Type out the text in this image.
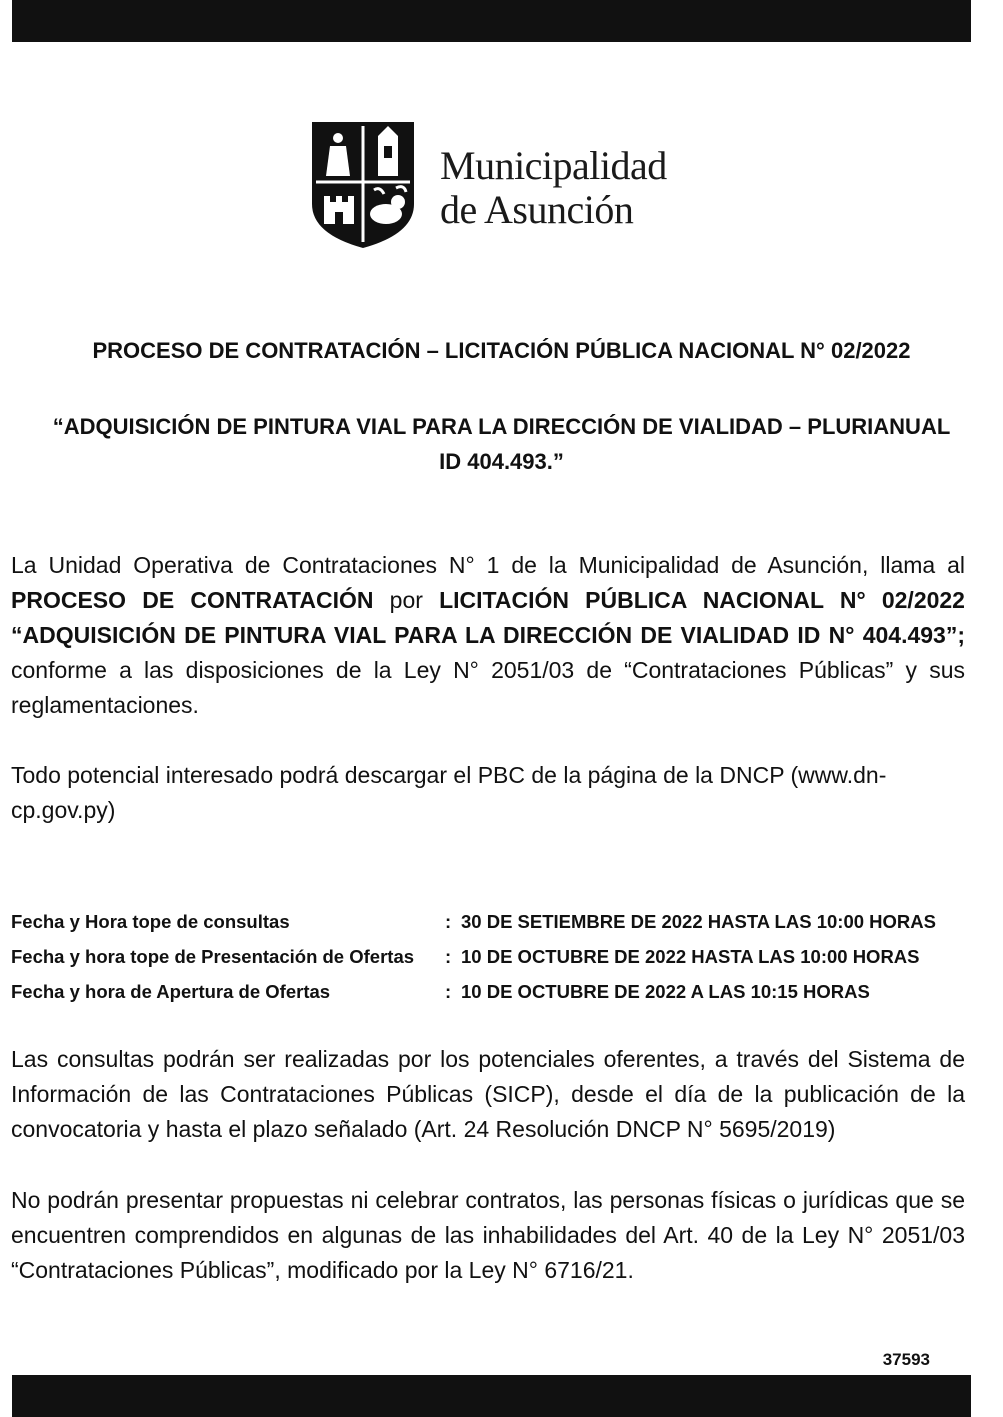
Municipalidad
de Asunción
PROCESO DE CONTRATACIÓN – LICITACIÓN PÚBLICA NACIONAL N° 02/2022
“ADQUISICIÓN DE PINTURA VIAL PARA LA DIRECCIÓN DE VIALIDAD – PLURIANUAL
ID 404.493.”
La Unidad Operativa de Contrataciones N° 1 de la Municipalidad de Asunción, llama al PROCESO DE CONTRATACIÓN por LICITACIÓN PÚBLICA NACIONAL N° 02/2022 “ADQUISICIÓN DE PINTURA VIAL PARA LA DIRECCIÓN DE VIALIDAD ID N° 404.493”; conforme a las disposiciones de la Ley N° 2051/03 de “Contrataciones Públicas” y sus reglamentaciones.
Todo potencial interesado podrá descargar el PBC de la página de la DNCP (www.dn-cp.gov.py)
Fecha y Hora tope de consultas	: 30 DE SETIEMBRE DE 2022 HASTA LAS 10:00 HORAS
Fecha y hora tope de Presentación de Ofertas	: 10 DE OCTUBRE DE 2022 HASTA LAS 10:00 HORAS
Fecha y hora de Apertura de Ofertas	: 10 DE OCTUBRE DE 2022 A LAS 10:15 HORAS
Las consultas podrán ser realizadas por los potenciales oferentes, a través del Sistema de Información de las Contrataciones Públicas (SICP), desde el día de la publicación de la convocatoria y hasta el plazo señalado (Art. 24 Resolución DNCP N° 5695/2019)
No podrán presentar propuestas ni celebrar contratos, las personas físicas o jurídicas que se encuentren comprendidos en algunas de las inhabilidades del Art. 40 de la Ley N° 2051/03 “Contrataciones Públicas”, modificado por la Ley N° 6716/21.
37593
